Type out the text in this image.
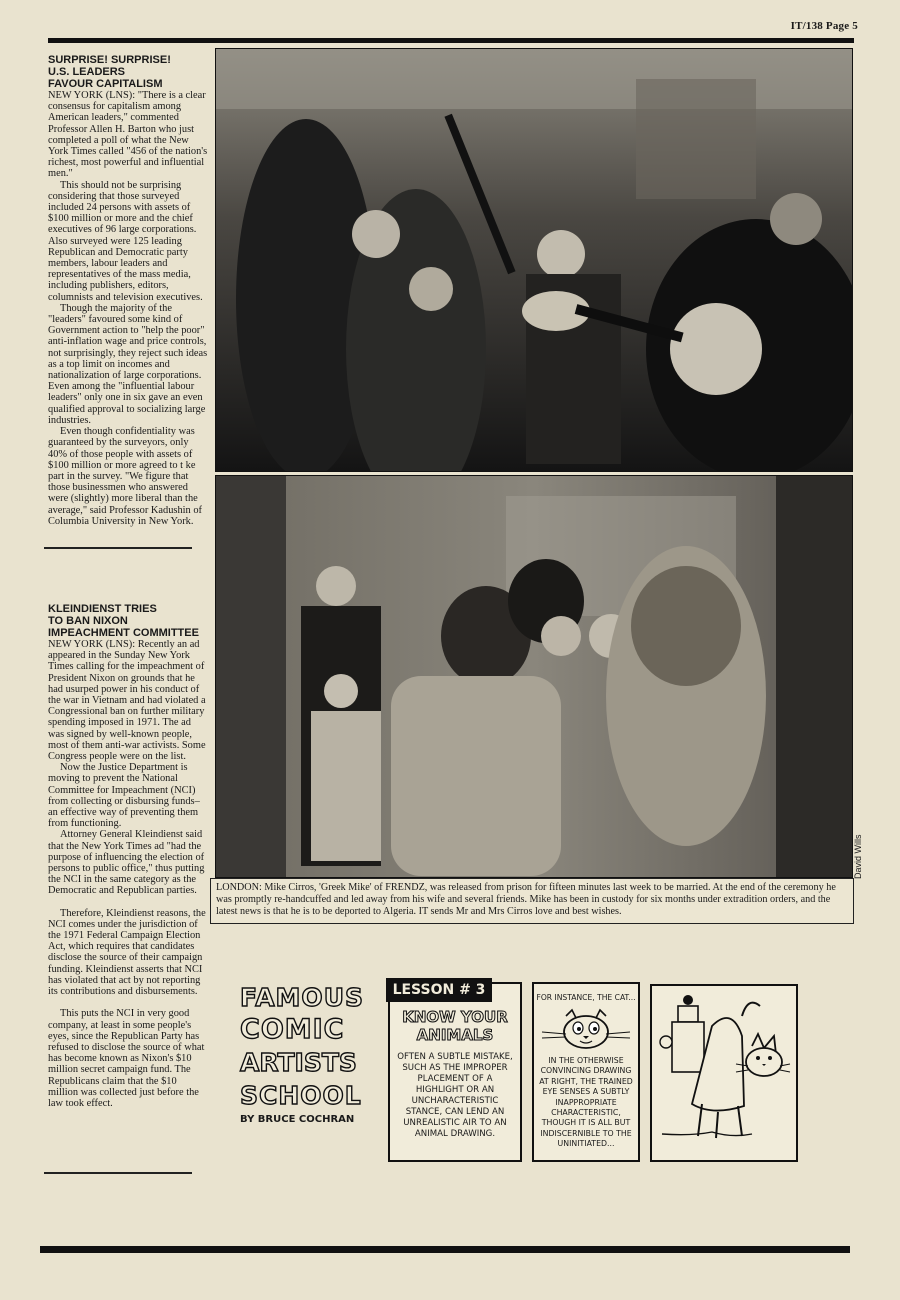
IT/138 Page 5
SURPRISE! SURPRISE!
U.S. LEADERS
FAVOUR CAPITALISM

NEW YORK (LNS): "There is a clear consensus for capitalism among American leaders," commented Professor Allen H. Barton who just completed a poll of what the New York Times called "456 of the nation's richest, most powerful and influential men."

This should not be surprising considering that those surveyed included 24 persons with assets of $100 million or more and the chief executives of 96 large corporations. Also surveyed were 125 leading Republican and Democratic party members, labour leaders and representatives of the mass media, including publishers, editors, columnists and television executives.

Though the majority of the "leaders" favoured some kind of Government action to "help the poor" anti-inflation wage and price controls, not surprisingly, they reject such ideas as a top limit on incomes and nationalization of large corporations. Even among the "influential labour leaders" only one in six gave an even qualified approval to socializing large industries.

Even though confidentiality was guaranteed by the surveyors, only 40% of those people with assets of $100 million or more agreed to t ke part in the survey. "We figure that those businessmen who answered were (slightly) more liberal than the average," said Professor Kadushin of Columbia University in New York.

KLEINDIENST TRIES
TO BAN NIXON
IMPEACHMENT COMMITTEE

NEW YORK (LNS): Recently an ad appeared in the Sunday New York Times calling for the impeachment of President Nixon on grounds that he had usurped power in his conduct of the war in Vietnam and had violated a Congressional ban on further military spending imposed in 1971. The ad was signed by well-known people, most of them anti-war activists. Some Congress people were on the list.

Now the Justice Department is moving to prevent the National Committee for Impeachment (NCI) from collecting or disbursing funds– an effective way of preventing them from functioning.

Attorney General Kleindienst said that the New York Times ad "had the purpose of influencing the election of persons to public office," thus putting the NCI in the same category as the Democratic and Republican parties.

Therefore, Kleindienst reasons, the NCI comes under the jurisdiction of the 1971 Federal Campaign Election Act, which requires that candidates disclose the source of their campaign funding. Kleindienst asserts that NCI has violated that act by not reporting its contributions and disbursements.

This puts the NCI in very good company, at least in some people's eyes, since the Republican Party has refused to disclose the source of what has become known as Nixon's $10 million secret campaign fund. The Republicans claim that the $10 million was collected just before the law took effect.

LONDON: Mike Cirros, 'Greek Mike' of FRENDZ, was released from prison for fifteen minutes last week to be married. At the end of the ceremony he was promptly re-handcuffed and led away from his wife and several friends. Mike has been in custody for six months under extradition orders, and the latest news is that he is to be deported to Algeria. IT sends Mr and Mrs Cirros love and best wishes.
David Wills
FAMOUS
COMIC
ARTISTS
SCHOOL
BY BRUCE COCHRAN
LESSON # 3
KNOW YOUR ANIMALS
OFTEN A SUBTLE MISTAKE, SUCH AS THE IMPROPER PLACEMENT OF A HIGHLIGHT OR AN UNCHARACTERISTIC STANCE, CAN LEND AN UNREALISTIC AIR TO AN ANIMAL DRAWING.
FOR INSTANCE, THE CAT...
IN THE OTHERWISE CONVINCING DRAWING AT RIGHT, THE TRAINED EYE SENSES A SUBTLY INAPPROPRIATE CHARACTERISTIC, THOUGH IT IS ALL BUT INDISCERNIBLE TO THE UNINITIATED...
